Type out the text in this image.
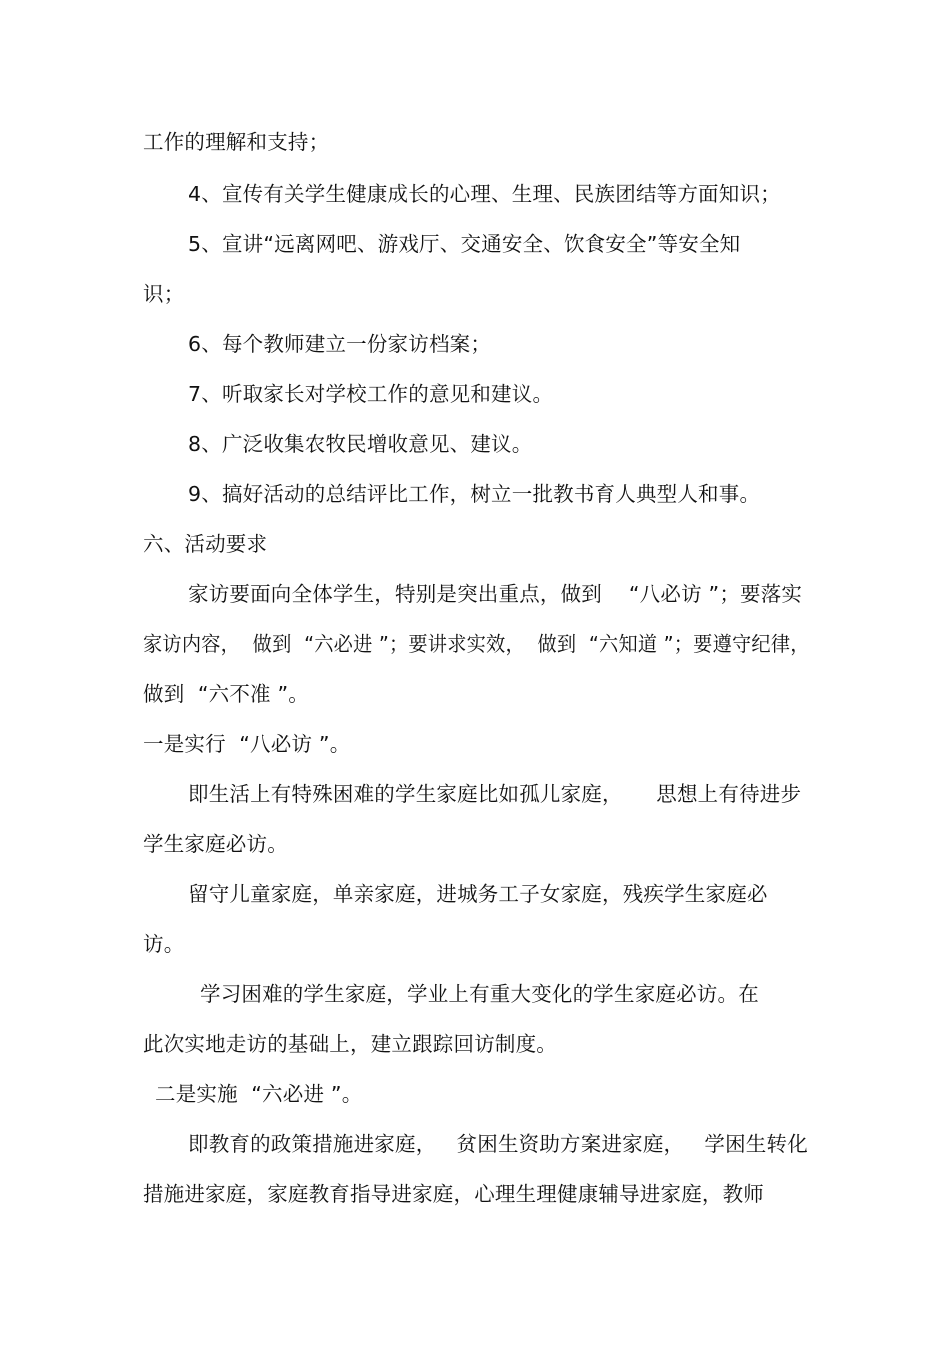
工作的理解和支持；
4、宣传有关学生健康成长的心理、生理、民族团结等方面知识；
5、宣讲“远离网吧、游戏厅、交通安全、饮食安全”等安全知
识；
6、每个教师建立一份家访档案；
7、听取家长对学校工作的意见和建议。
8、广泛收集农牧民增收意见、建议。
9、搞好活动的总结评比工作，树立一批教书育人典型人和事。
六、活动要求
家访要面向全体学生，特别是突出重点，做到    “八必访 ”；要落实
家访内容，  做到  “六必进 ”；要讲求实效，  做到  “六知道 ”；要遵守纪律，
做到  “六不准 ”。
一是实行  “八必访 ”。
即生活上有特殊困难的学生家庭比如孤儿家庭，     思想上有待进步
学生家庭必访。
留守儿童家庭，单亲家庭，进城务工子女家庭，残疾学生家庭必
访。
学习困难的学生家庭，学业上有重大变化的学生家庭必访。在
此次实地走访的基础上，建立跟踪回访制度。
二是实施  “六必进 ”。
即教育的政策措施进家庭，   贫困生资助方案进家庭，   学困生转化
措施进家庭，家庭教育指导进家庭，心理生理健康辅导进家庭，教师
